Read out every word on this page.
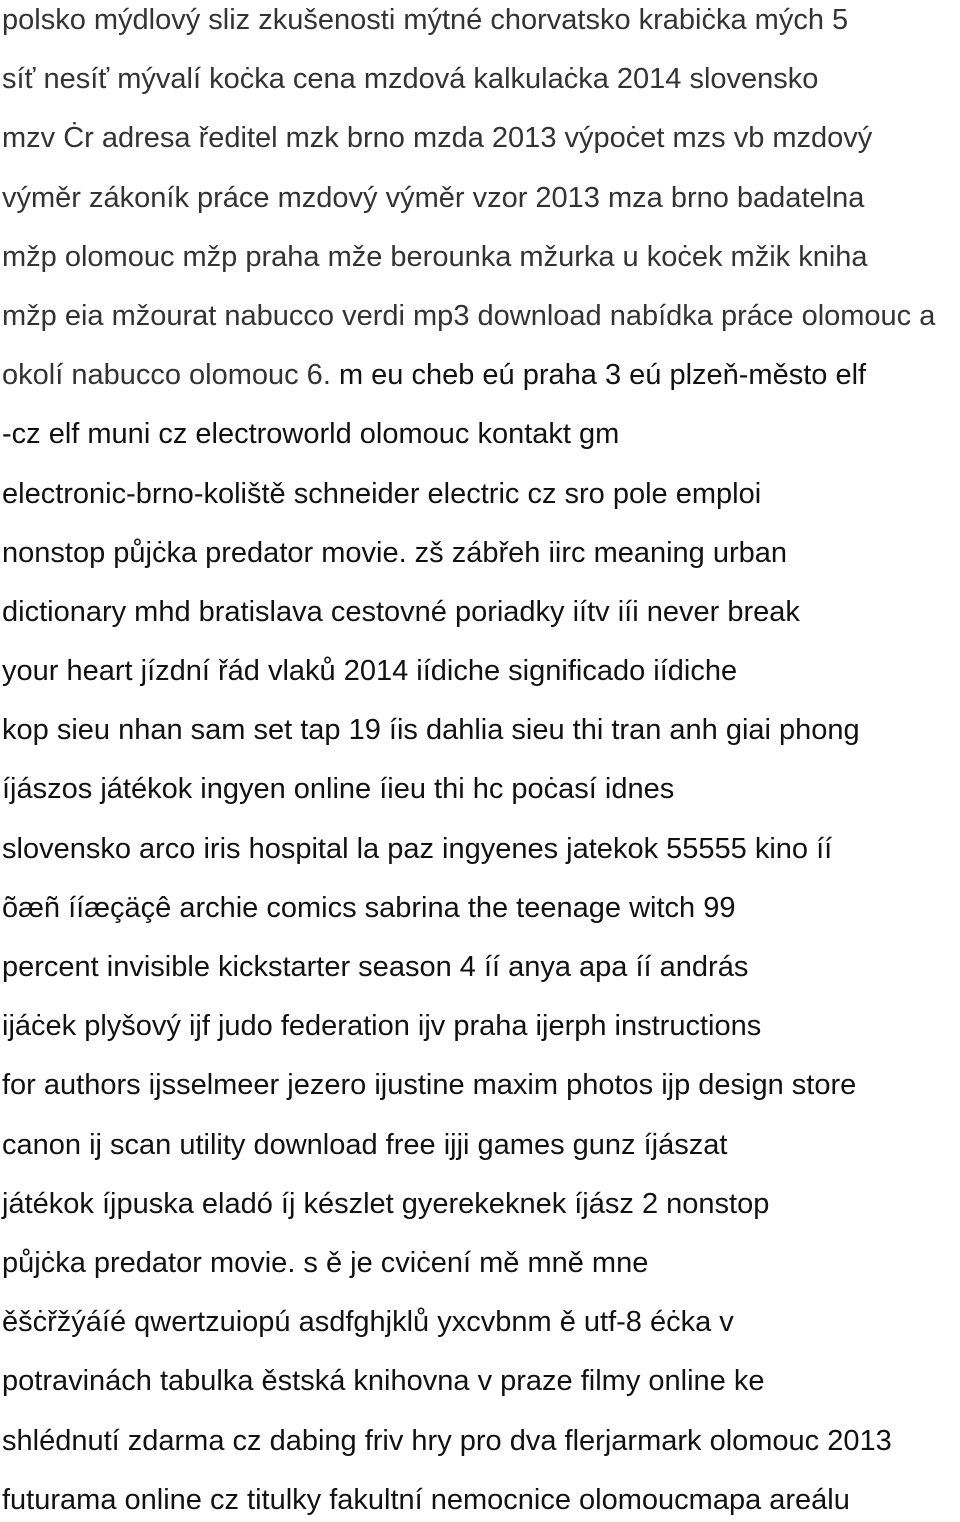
polsko mýdlový sliz zkušenosti mýtné chorvatsko krabiċka mých 5
síť nesíť mývalí koċka cena mzdová kalkulaċka 2014 slovensko
mzv Ċr adresa ředitel mzk brno mzda 2013 výpoċet mzs vb mzdový
výměr zákoník práce mzdový výměr vzor 2013 mza brno badatelna
mžp olomouc mžp praha mže berounka mžurka u koċek mžik kniha
mžp eia mžourat nabucco verdi mp3 download nabídka práce olomouc a
okolí nabucco olomouc 6. m eu cheb eú praha 3 eú plzeň-město elf
-cz elf muni cz electroworld olomouc kontakt gm
electronic-brno-koliště schneider electric cz sro pole emploi
nonstop půjċka predator movie. zš zábřeh iirc meaning urban
dictionary mhd bratislava cestovné poriadky iítv iíi never break
your heart jízdní řád vlaků 2014 iídiche significado iídiche
kop sieu nhan sam set tap 19 íis dahlia sieu thi tran anh giai phong
íjászos játékok ingyen online íieu thi hc poċasí idnes
slovensko arco iris hospital la paz ingyenes jatekok 55555 kino íí
õæñ ííæçäçê archie comics sabrina the teenage witch 99
percent invisible kickstarter season 4 íí anya apa íí andrás
ijáċek plyšový ijf judo federation ijv praha ijerph instructions
for authors ijsselmeer jezero ijustine maxim photos ijp design store
canon ij scan utility download free ijji games gunz íjászat
játékok íjpuska eladó íj készlet gyerekeknek íjász 2 nonstop
půjċka predator movie. s ě je cviċení mě mně mne
ěšċřžýáíé qwertzuiopú asdfghjklů yxcvbnm ě utf-8 éċka v
potravinách tabulka ěstská knihovna v praze filmy online ke
shlédnutí zdarma cz dabing friv hry pro dva flerjarmark olomouc 2013
futurama online cz titulky fakultní nemocnice olomoucmapa areálu
